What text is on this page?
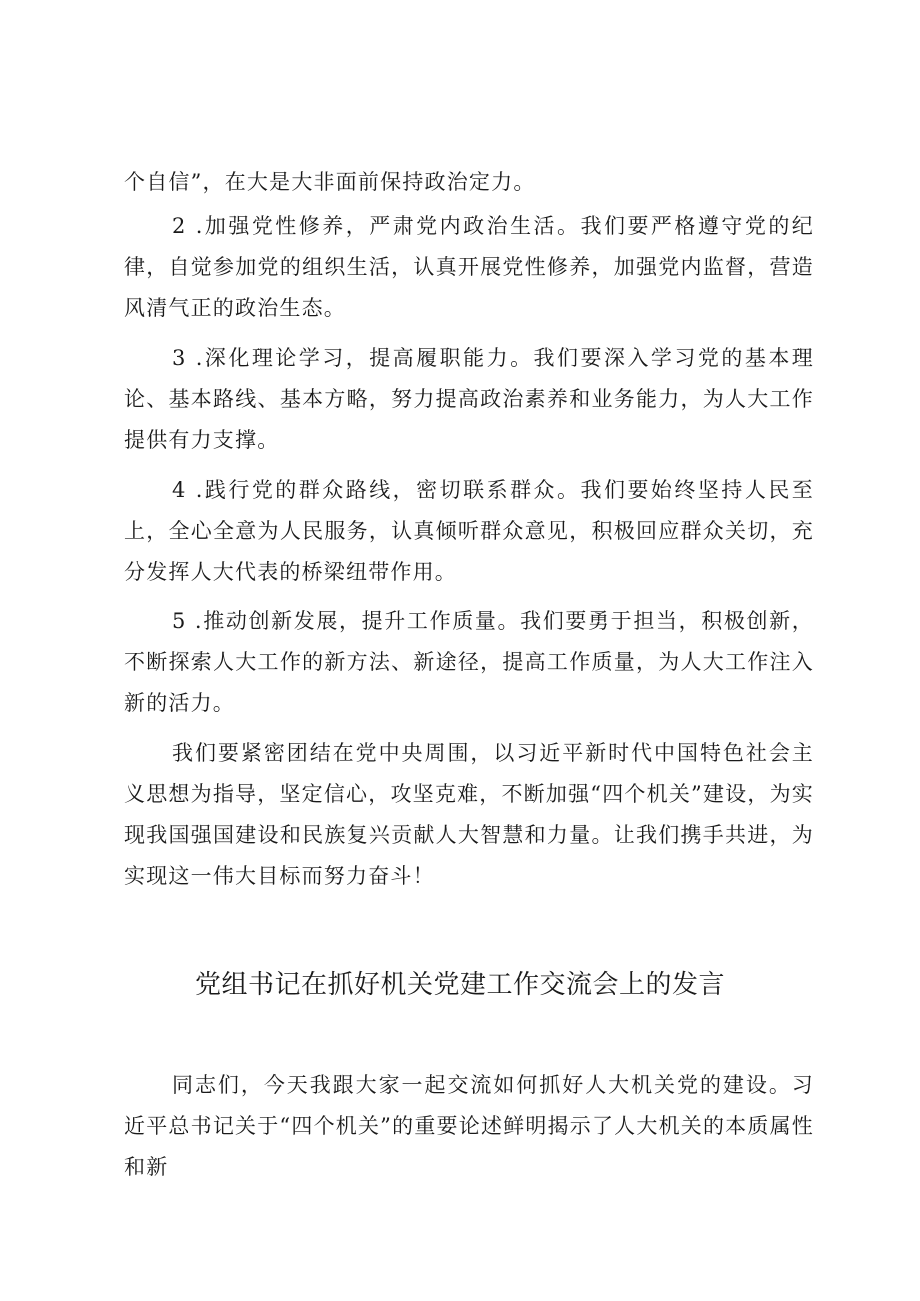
个自信”，在大是大非面前保持政治定力。

2 .加强党性修养，严肃党内政治生活。我们要严格遵守党的纪律，自觉参加党的组织生活，认真开展党性修养，加强党内监督，营造风清气正的政治生态。

3 .深化理论学习，提高履职能力。我们要深入学习党的基本理论、基本路线、基本方略，努力提高政治素养和业务能力，为人大工作提供有力支撑。

4 .践行党的群众路线，密切联系群众。我们要始终坚持人民至上，全心全意为人民服务，认真倾听群众意见，积极回应群众关切，充分发挥人大代表的桥梁纽带作用。

5 .推动创新发展，提升工作质量。我们要勇于担当，积极创新，不断探索人大工作的新方法、新途径，提高工作质量，为人大工作注入新的活力。

我们要紧密团结在党中央周围，以习近平新时代中国特色社会主义思想为指导，坚定信心，攻坚克难，不断加强“四个机关”建设，为实现我国强国建设和民族复兴贡献人大智慧和力量。让我们携手共进，为实现这一伟大目标而努力奋斗！

党组书记在抓好机关党建工作交流会上的发言

同志们，今天我跟大家一起交流如何抓好人大机关党的建设。习近平总书记关于“四个机关”的重要论述鲜明揭示了人大机关的本质属性和新
